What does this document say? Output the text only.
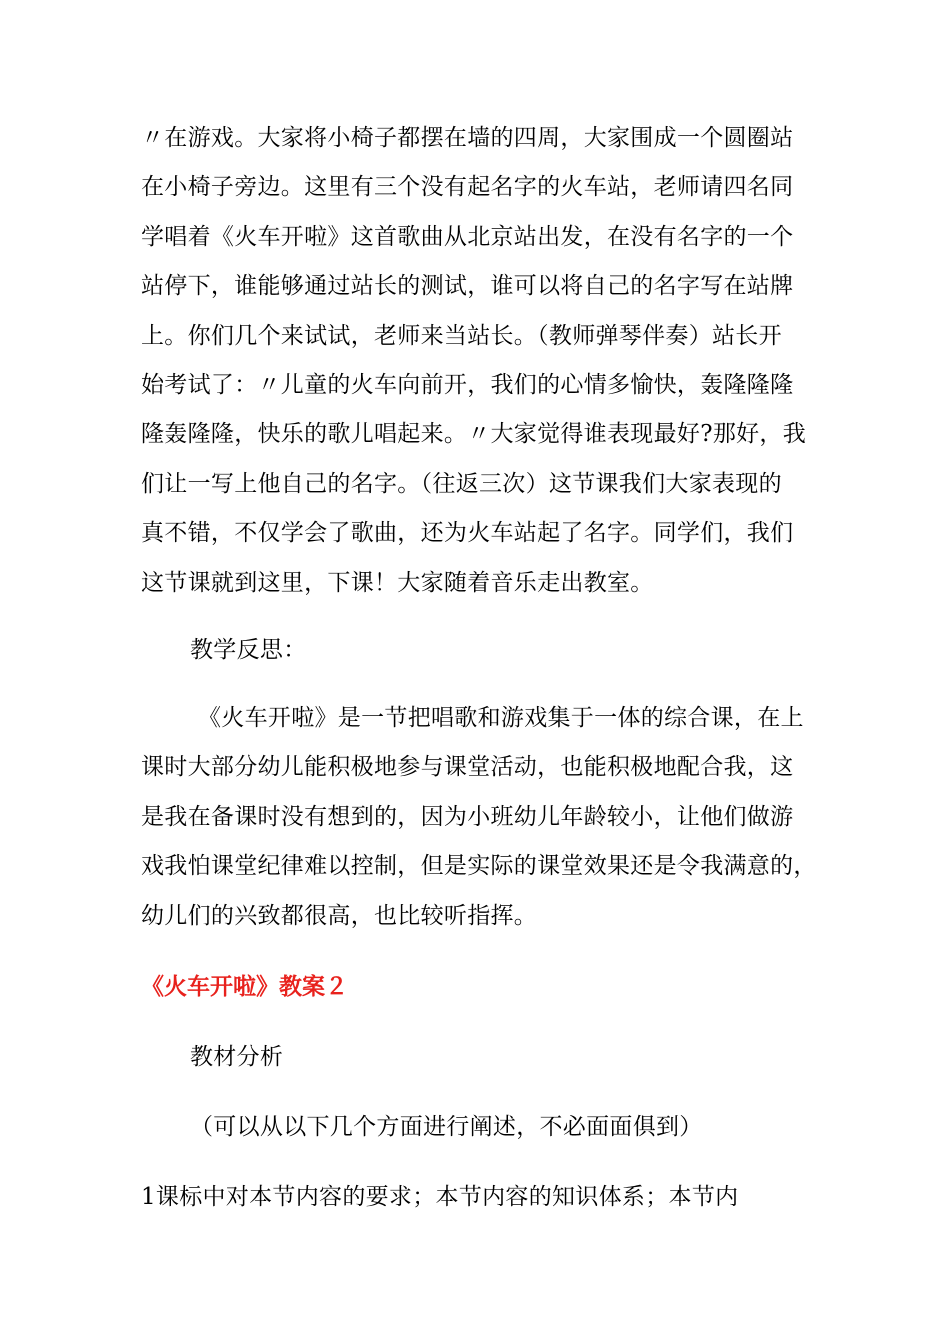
〃在游戏。大家将小椅子都摆在墙的四周，大家围成一个圆圈站
在小椅子旁边。这里有三个没有起名字的火车站，老师请四名同
学唱着《火车开啦》这首歌曲从北京站出发，在没有名字的一个
站停下，谁能够通过站长的测试，谁可以将自己的名字写在站牌
上。你们几个来试试，老师来当站长。（教师弹琴伴奏）站长开
始考试了：〃儿童的火车向前开，我们的心情多愉快，轰隆隆隆
隆轰隆隆，快乐的歌儿唱起来。〃大家觉得谁表现最好?那好，我
们让一写上他自己的名字。（往返三次）这节课我们大家表现的
真不错，不仅学会了歌曲，还为火车站起了名字。同学们，我们
这节课就到这里，下课！大家随着音乐走出教室。

教学反思：

《火车开啦》是一节把唱歌和游戏集于一体的综合课，在上
课时大部分幼儿能积极地参与课堂活动，也能积极地配合我，这
是我在备课时没有想到的，因为小班幼儿年龄较小，让他们做游
戏我怕课堂纪律难以控制，但是实际的课堂效果还是令我满意的，
幼儿们的兴致都很高，也比较听指挥。
《火车开啦》教案２

教材分析

（可以从以下几个方面进行阐述，不必面面俱到）

1课标中对本节内容的要求；本节内容的知识体系；本节内
